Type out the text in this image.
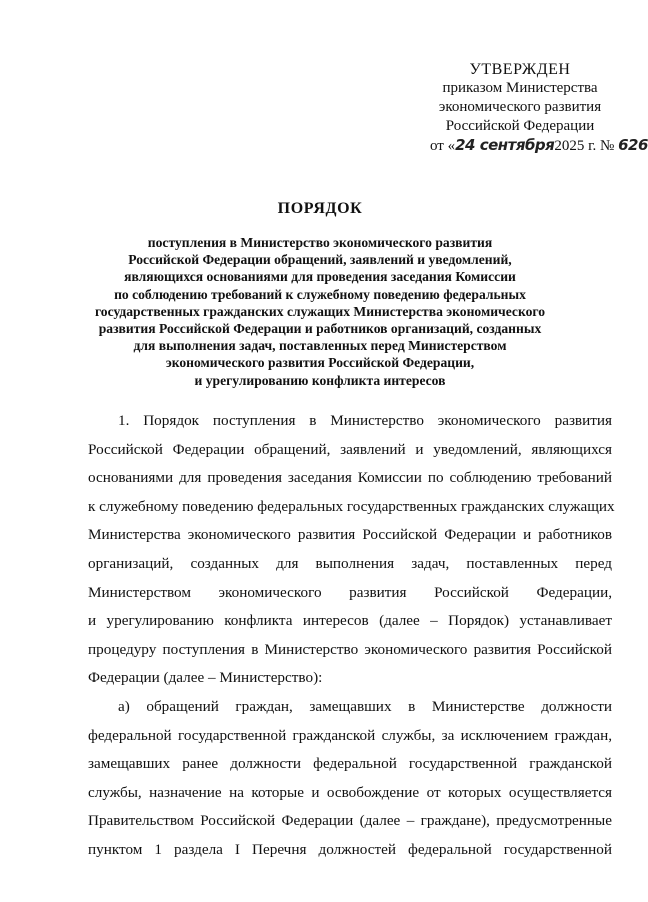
УТВЕРЖДЕН
приказом Министерства
экономического развития
Российской Федерации
от «24 сентября2025 г. № 626
ПОРЯДОК
поступления в Министерство экономического развития
Российской Федерации обращений, заявлений и уведомлений,
являющихся основаниями для проведения заседания Комиссии
по соблюдению требований к служебному поведению федеральных
государственных гражданских служащих Министерства экономического
развития Российской Федерации и работников организаций, созданных
для выполнения задач, поставленных перед Министерством
экономического развития Российской Федерации,
и урегулированию конфликта интересов
1. Порядок поступления в Министерство экономического развития
Российской Федерации обращений, заявлений и уведомлений, являющихся
основаниями для проведения заседания Комиссии по соблюдению требований
к служебному поведению федеральных государственных гражданских служащих
Министерства экономического развития Российской Федерации и работников
организаций, созданных для выполнения задач, поставленных перед
Министерством экономического развития Российской Федерации,
и урегулированию конфликта интересов (далее – Порядок) устанавливает
процедуру поступления в Министерство экономического развития Российской
Федерации (далее – Министерство):
а) обращений граждан, замещавших в Министерстве должности
федеральной государственной гражданской службы, за исключением граждан,
замещавших ранее должности федеральной государственной гражданской
службы, назначение на которые и освобождение от которых осуществляется
Правительством Российской Федерации (далее – граждане), предусмотренные
пунктом 1 раздела I Перечня должностей федеральной государственной
